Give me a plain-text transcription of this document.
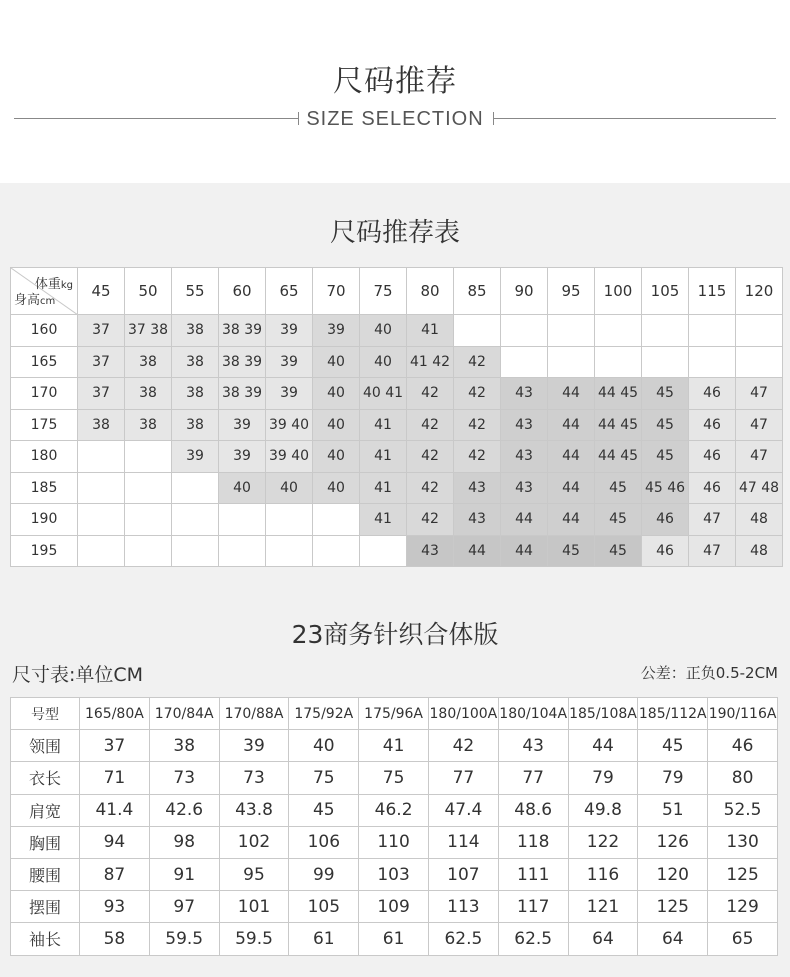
尺码推荐
SIZE SELECTION
尺码推荐表
体重kg
身高cm	45	50	55	60	65	70	75	80	85	90	95	100	105	115	120
160	37	37 38	38	38 39	39	39	40	41							
165	37	38	38	38 39	39	40	40	41 42	42						
170	37	38	38	38 39	39	40	40 41	42	42	43	44	44 45	45	46	47
175	38	38	38	39	39 40	40	41	42	42	43	44	44 45	45	46	47
180			39	39	39 40	40	41	42	42	43	44	44 45	45	46	47
185				40	40	40	41	42	43	43	44	45	45 46	46	47 48
190							41	42	43	44	44	45	46	47	48
195								43	44	44	45	45	46	47	48
23商务针织合体版
尺寸表:单位CM	公差：正负0.5-2CM
号型	165/80A	170/84A	170/88A	175/92A	175/96A	180/100A	180/104A	185/108A	185/112A	190/116A
领围	37	38	39	40	41	42	43	44	45	46
衣长	71	73	73	75	75	77	77	79	79	80
肩宽	41.4	42.6	43.8	45	46.2	47.4	48.6	49.8	51	52.5
胸围	94	98	102	106	110	114	118	122	126	130
腰围	87	91	95	99	103	107	111	116	120	125
摆围	93	97	101	105	109	113	117	121	125	129
袖长	58	59.5	59.5	61	61	62.5	62.5	64	64	65
